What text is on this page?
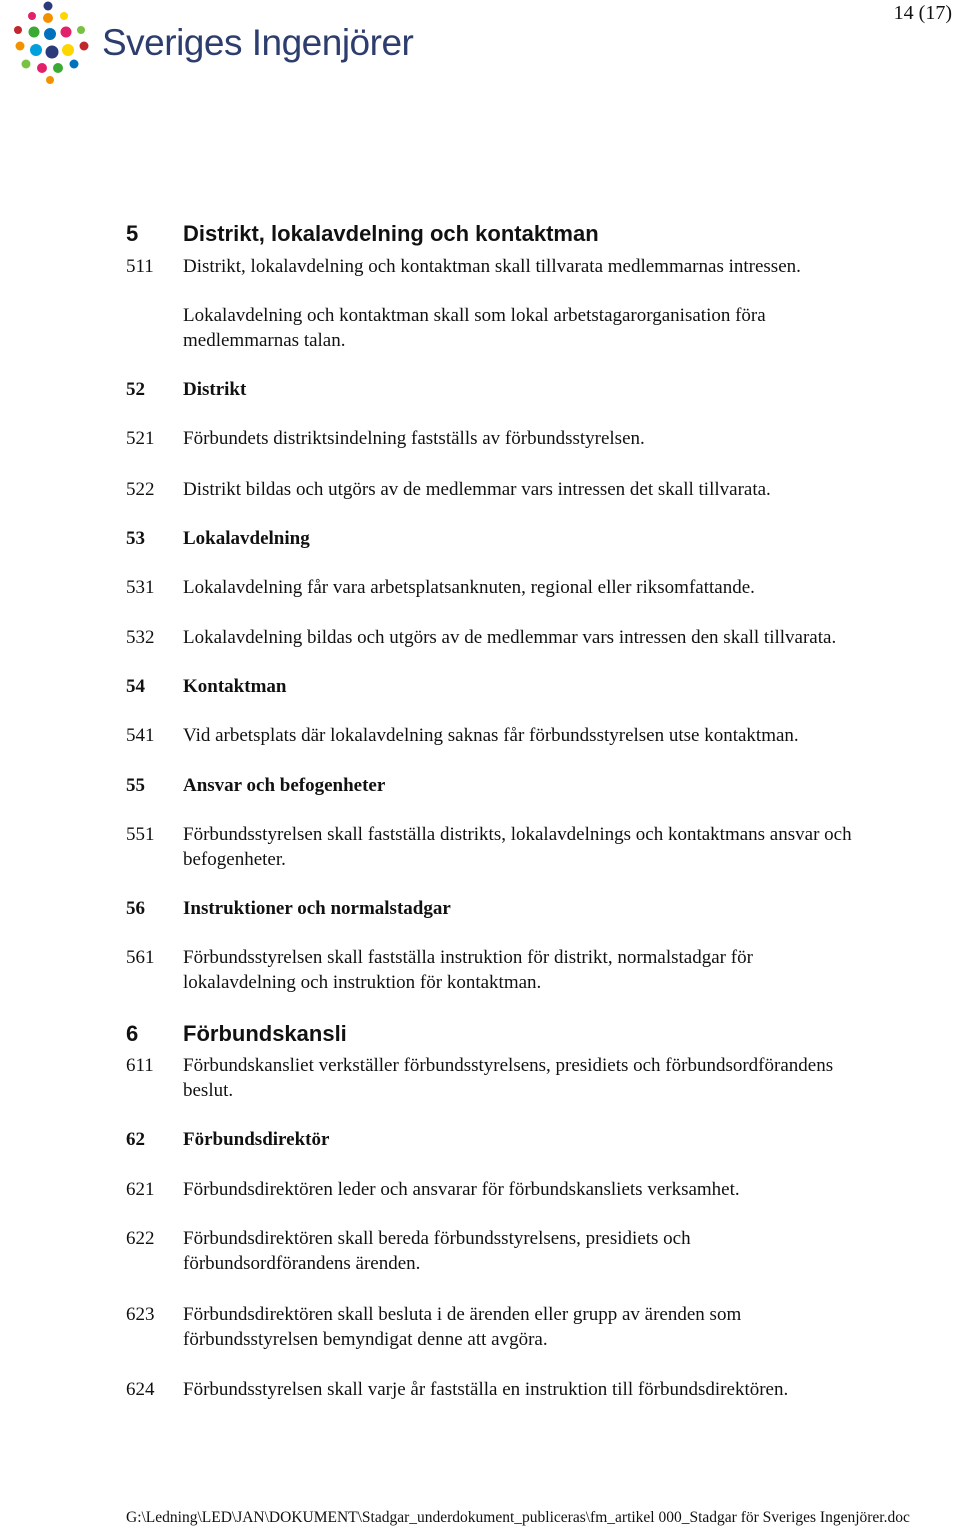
Sveriges Ingenjörer
14 (17)
5 Distrikt, lokalavdelning och kontaktman
511 Distrikt, lokalavdelning och kontaktman skall tillvarata medlemmarnas intressen.
Lokalavdelning och kontaktman skall som lokal arbetstagarorganisation föra
medlemmarnas talan.
52 Distrikt
521 Förbundets distriktsindelning fastställs av förbundsstyrelsen.
522 Distrikt bildas och utgörs av de medlemmar vars intressen det skall tillvarata.
53 Lokalavdelning
531 Lokalavdelning får vara arbetsplatsanknuten, regional eller riksomfattande.
532 Lokalavdelning bildas och utgörs av de medlemmar vars intressen den skall tillvarata.
54 Kontaktman
541 Vid arbetsplats där lokalavdelning saknas får förbundsstyrelsen utse kontaktman.
55 Ansvar och befogenheter
551 Förbundsstyrelsen skall fastställa distrikts, lokalavdelnings och kontaktmans ansvar och
befogenheter.
56 Instruktioner och normalstadgar
561 Förbundsstyrelsen skall fastställa instruktion för distrikt, normalstadgar för
lokalavdelning och instruktion för kontaktman.
6 Förbundskansli
611 Förbundskansliet verkställer förbundsstyrelsens, presidiets och förbundsordförandens
beslut.
62 Förbundsdirektör
621 Förbundsdirektören leder och ansvarar för förbundskansliets verksamhet.
622 Förbundsdirektören skall bereda förbundsstyrelsens, presidiets och
förbundsordförandens ärenden.
623 Förbundsdirektören skall besluta i de ärenden eller grupp av ärenden som
förbundsstyrelsen bemyndigat denne att avgöra.
624 Förbundsstyrelsen skall varje år fastställa en instruktion till förbundsdirektören.
G:\Ledning\LED\JAN\DOKUMENT\Stadgar_underdokument_publiceras\fm_artikel 000_Stadgar för Sveriges Ingenjörer.doc
